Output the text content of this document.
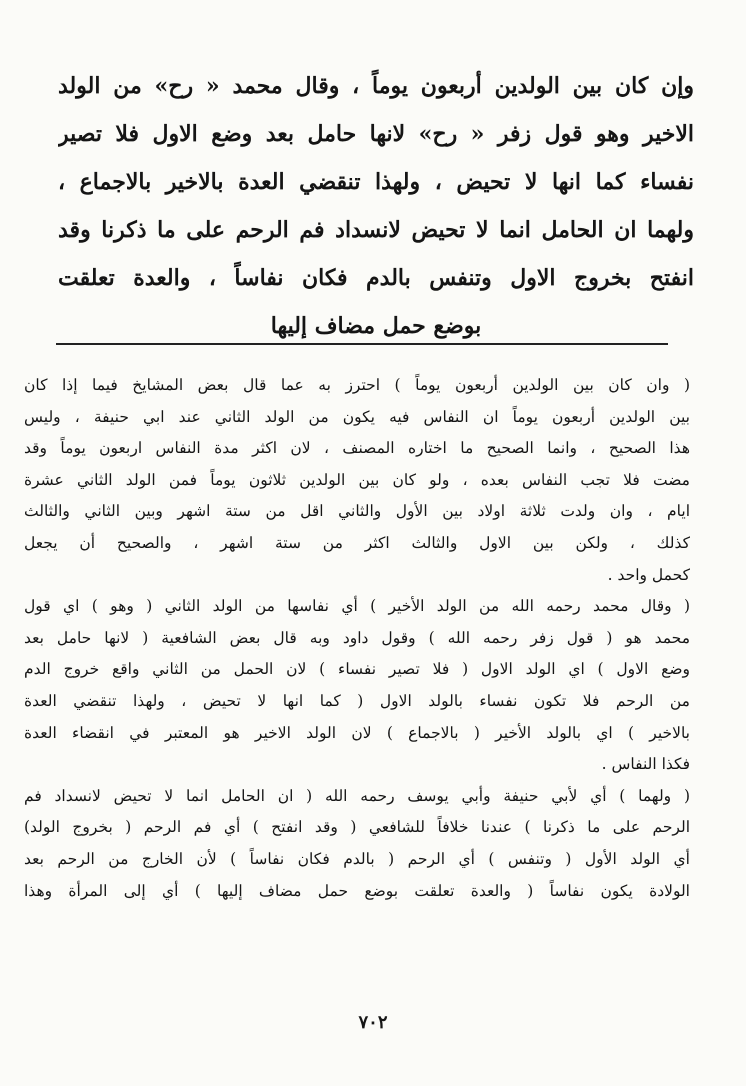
وإن كان بين الولدين أربعون يوماً ، وقال محمد « رح» من الولد
الاخير وهو قول زفر « رح» لانها حامل بعد وضع الاول فلا تصير
نفساء كما انها لا تحيض ، ولهذا تنقضي العدة بالاخير بالاجماع ،
ولهما ان الحامل انما لا تحيض لانسداد فم الرحم على ما ذكرنا وقد
انفتح بخروج الاول وتنفس بالدم فكان نفاساً ، والعدة تعلقت
بوضع حمل مضاف إليها
( وان كان بين الولدين أربعون يوماً ) احترز به عما قال بعض المشايخ فيما إذا كان
بين الولدين أربعون يوماً ان النفاس فيه يكون من الولد الثاني عند ابي حنيفة ، وليس
هذا الصحيح ، وانما الصحيح ما اختاره المصنف ، لان اكثر مدة النفاس اربعون يوماً وقد
مضت فلا تجب النفاس بعده ، ولو كان بين الولدين ثلاثون يوماً فمن الولد الثاني عشرة
ايام ، وان ولدت ثلاثة اولاد بين الأول والثاني اقل من ستة اشهر وبين الثاني والثالث
كذلك ، ولكن بين الاول والثالث اكثر من ستة اشهر ، والصحيح أن يجعل
كحمل واحد .
( وقال محمد رحمه الله من الولد الأخير ) أي نفاسها من الولد الثاني ( وهو ) اي قول
محمد هو ( قول زفر رحمه الله ) وقول داود وبه قال بعض الشافعية ( لانها حامل بعد
وضع الاول ) اي الولد الاول ( فلا تصير نفساء ) لان الحمل من الثاني واقع خروج الدم
من الرحم فلا تكون نفساء بالولد الاول ( كما انها لا تحيض ، ولهذا تنقضي العدة
بالاخير ) اي بالولد الأخير ( بالاجماع ) لان الولد الاخير هو المعتبر في انقضاء العدة
فكذا النفاس .
( ولهما ) أي لأبي حنيفة وأبي يوسف رحمه الله ( ان الحامل انما لا تحيض لانسداد فم
الرحم على ما ذكرنا ) عندنا خلافاً للشافعي ( وقد انفتح ) أي فم الرحم ( بخروج الولد)
أي الولد الأول ( وتنفس ) أي الرحم ( بالدم فكان نفاساً ) لأن الخارج من الرحم بعد
الولادة يكون نفاساً ( والعدة تعلقت بوضع حمل مضاف إليها ) أي إلى المرأة وهذا
٧٠٢
